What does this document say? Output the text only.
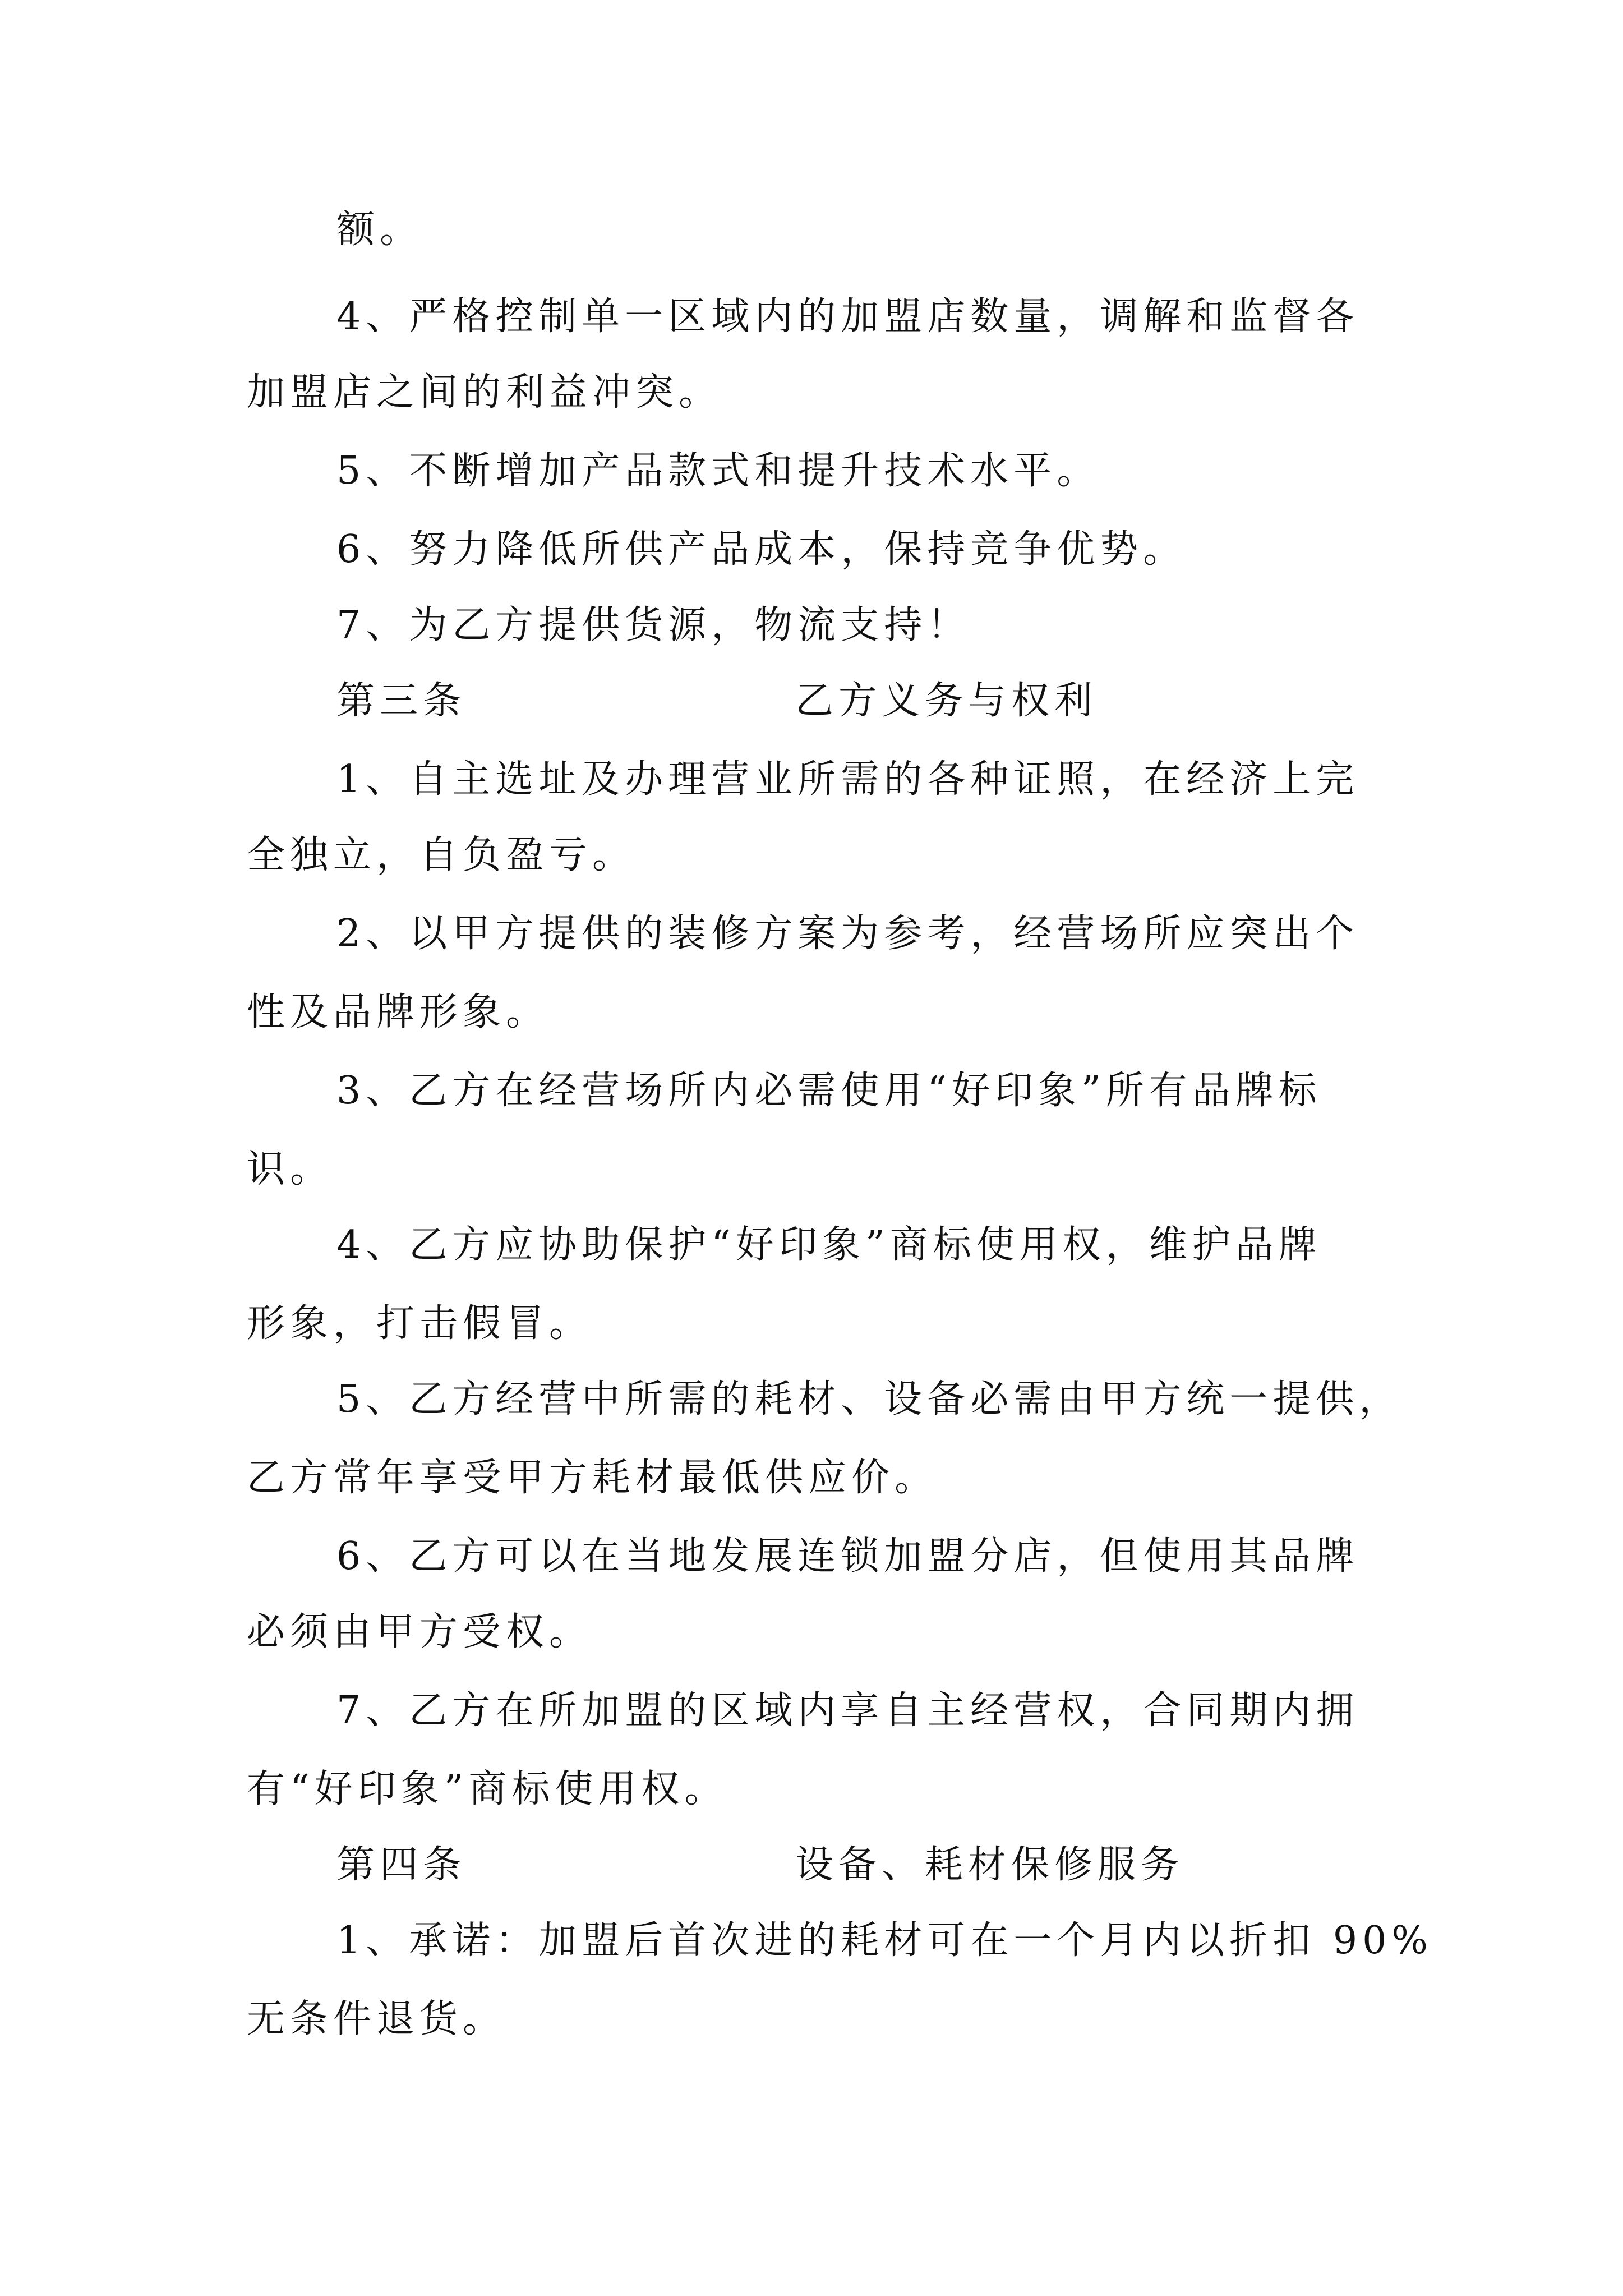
额。
4、严格控制单一区域内的加盟店数量，调解和监督各
加盟店之间的利益冲突。
5、不断增加产品款式和提升技术水平。
6、努力降低所供产品成本，保持竞争优势。
7、为乙方提供货源，物流支持！
第三条	乙方义务与权利
1、自主选址及办理营业所需的各种证照，在经济上完
全独立，自负盈亏。
2、以甲方提供的装修方案为参考，经营场所应突出个
性及品牌形象。
3、乙方在经营场所内必需使用“好印象”所有品牌标
识。
4、乙方应协助保护“好印象”商标使用权，维护品牌
形象，打击假冒。
5、乙方经营中所需的耗材、设备必需由甲方统一提供，
乙方常年享受甲方耗材最低供应价。
6、乙方可以在当地发展连锁加盟分店，但使用其品牌
必须由甲方受权。
7、乙方在所加盟的区域内享自主经营权，合同期内拥
有“好印象”商标使用权。
第四条	设备、耗材保修服务
1、承诺：加盟后首次进的耗材可在一个月内以折扣 90%
无条件退货。
